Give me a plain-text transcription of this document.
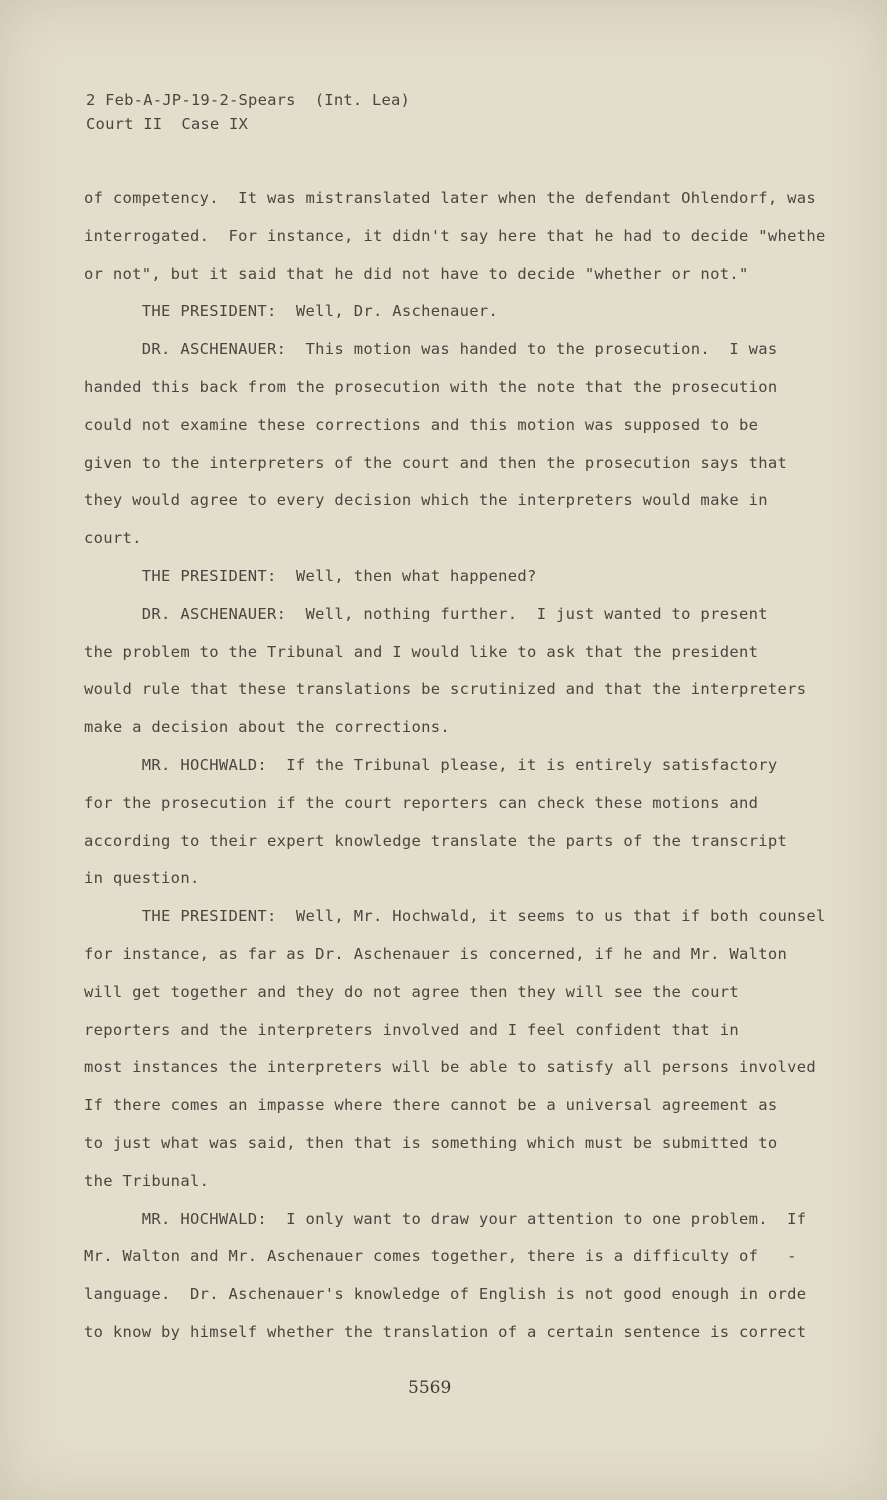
2 Feb-A-JP-19-2-Spears  (Int. Lea)
Court II  Case IX
of competency.  It was mistranslated later when the defendant Ohlendorf, was
interrogated.  For instance, it didn't say here that he had to decide "whethe
or not", but it said that he did not have to decide "whether or not."
THE PRESIDENT:  Well, Dr. Aschenauer.
DR. ASCHENAUER:  This motion was handed to the prosecution.  I was
handed this back from the prosecution with the note that the prosecution
could not examine these corrections and this motion was supposed to be
given to the interpreters of the court and then the prosecution says that
they would agree to every decision which the interpreters would make in
court.
THE PRESIDENT:  Well, then what happened?
DR. ASCHENAUER:  Well, nothing further.  I just wanted to present
the problem to the Tribunal and I would like to ask that the president
would rule that these translations be scrutinized and that the interpreters
make a decision about the corrections.
MR. HOCHWALD:  If the Tribunal please, it is entirely satisfactory
for the prosecution if the court reporters can check these motions and
according to their expert knowledge translate the parts of the transcript
in question.
THE PRESIDENT:  Well, Mr. Hochwald, it seems to us that if both counsel
for instance, as far as Dr. Aschenauer is concerned, if he and Mr. Walton
will get together and they do not agree then they will see the court
reporters and the interpreters involved and I feel confident that in
most instances the interpreters will be able to satisfy all persons involved
If there comes an impasse where there cannot be a universal agreement as
to just what was said, then that is something which must be submitted to
the Tribunal.
MR. HOCHWALD:  I only want to draw your attention to one problem.  If
Mr. Walton and Mr. Aschenauer comes together, there is a difficulty of   -
language.  Dr. Aschenauer's knowledge of English is not good enough in orde
to know by himself whether the translation of a certain sentence is correct
5569
